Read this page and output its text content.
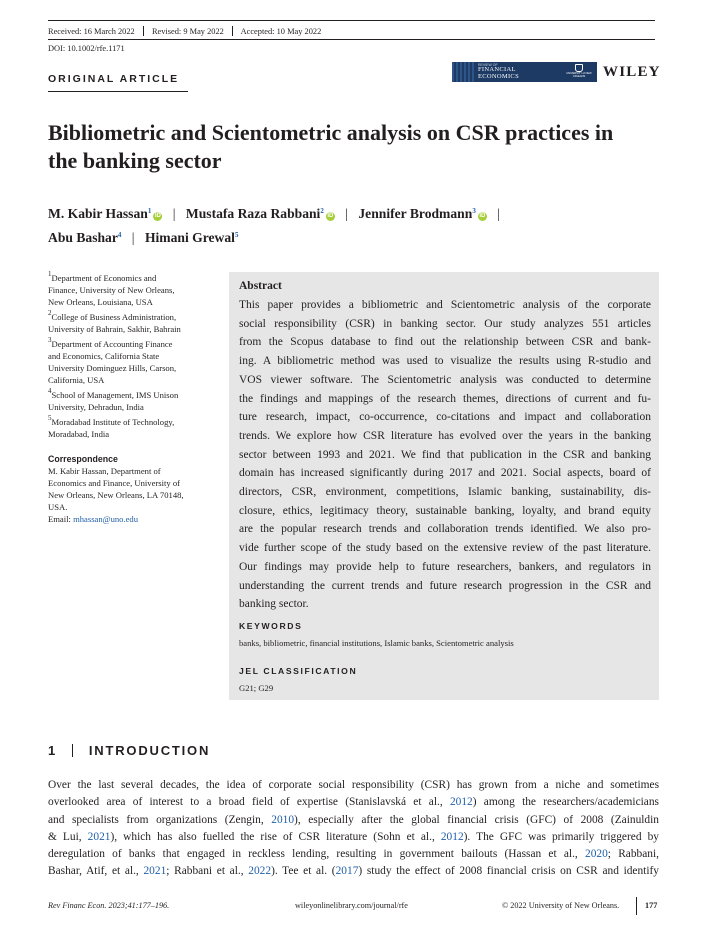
Received: 16 March 2022 Revised: 9 May 2022 Accepted: 10 May 2022
DOI: 10.1002/rfe.1171
ORIGINAL ARTICLE
REVIEW OF
FINANCIAL
ECONOMICS	UNIVERSITY of NEW ORLEANS	WILEY
Bibliometric and Scientometric analysis on CSR practices in
the banking sector
M. Kabir Hassan$^1$iD | Mustafa Raza Rabbani$^2$iD | Jennifer Brodmann$^3$iD |
Abu Bashar$^4$ | Himani Grewal$^5$
$^1$Department of Economics and
Finance, University of New Orleans,
New Orleans, Louisiana, USA
$^2$College of Business Administration,
University of Bahrain, Sakhir, Bahrain
$^3$Department of Accounting Finance
and Economics, California State
University Dominguez Hills, Carson,
California, USA
$^4$School of Management, IMS Unison
University, Dehradun, India
$^5$Moradabad Institute of Technology,
Moradabad, India
Correspondence
M. Kabir Hassan, Department of
Economics and Finance, University of
New Orleans, New Orleans, LA 70148,
USA.
Email: mhassan@uno.edu
Abstract
This paper provides a bibliometric and Scientometric analysis of the corporate
social responsibility (CSR) in banking sector. Our study analyzes 551 articles
from the Scopus database to find out the relationship between CSR and bank-
ing. A bibliometric method was used to visualize the results using R-studio and
VOS viewer software. The Scientometric analysis was conducted to determine
the findings and mappings of the research themes, directions of current and fu-
ture research, impact, co-occurrence, co-citations and impact and collaboration
trends. We explore how CSR literature has evolved over the years in the banking
sector between 1993 and 2021. We find that publication in the CSR and banking
domain has increased significantly during 2017 and 2021. Social aspects, board of
directors, CSR, environment, competitions, Islamic banking, sustainability, dis-
closure, ethics, legitimacy theory, sustainable banking, loyalty, and brand equity
are the popular research trends and collaboration trends identified. We also pro-
vide further scope of the study based on the extensive review of the past literature.
Our findings may provide help to future researchers, bankers, and regulators in
understanding the current trends and future research progression in the CSR and
banking sector.
KEYWORDS
banks, bibliometric, financial institutions, Islamic banks, Scientometric analysis
JEL CLASSIFICATION
G21; G29
1 INTRODUCTION
Over the last several decades, the idea of corporate social responsibility (CSR) has grown from a niche and sometimes
overlooked area of interest to a broad field of expertise (Stanislavská et al., 2012) among the researchers/academicians
and specialists from organizations (Zengin, 2010), especially after the global financial crisis (GFC) of 2008 (Zainuldin
& Lui, 2021), which has also fuelled the rise of CSR literature (Sohn et al., 2012). The GFC was primarily triggered by
deregulation of banks that engaged in reckless lending, resulting in government bailouts (Hassan et al., 2020; Rabbani,
Bashar, Atif, et al., 2021; Rabbani et al., 2022). Tee et al. (2017) study the effect of 2008 financial crisis on CSR and identify
Rev Financ Econ. 2023;41:177–196.	wileyonlinelibrary.com/journal/rfe	© 2022 University of New Orleans.	177
